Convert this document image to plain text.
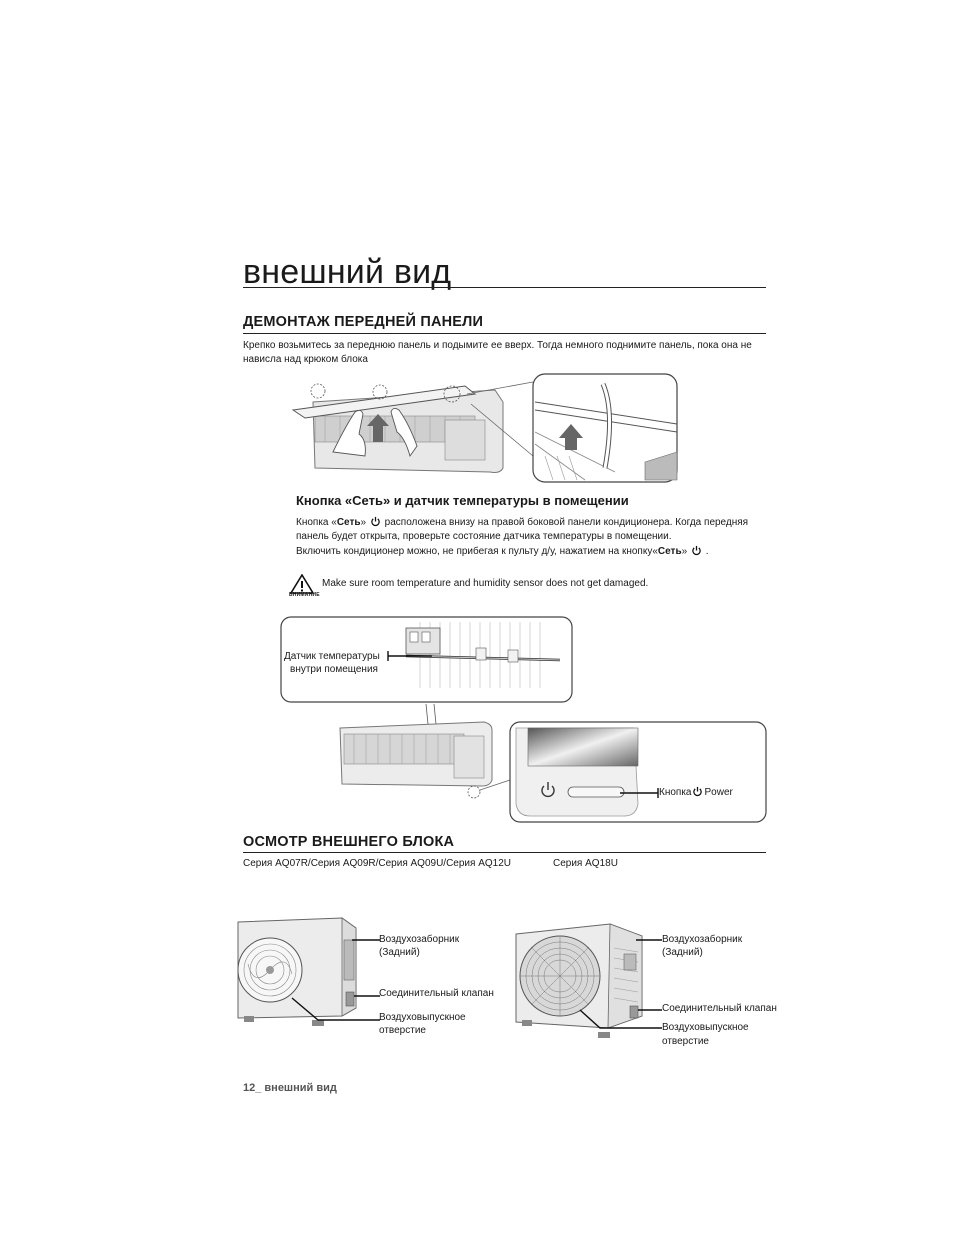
внешний вид
ДЕМОНТАЖ ПЕРЕДНЕЙ ПАНЕЛИ
Крепко возьмитесь за переднюю панель и подымите ее вверх. Тогда немного поднимите панель, пока она не
нависла над крюком блока
Кнопка «Сеть» и датчик температуры в помещении
Кнопка «Сеть»  расположена внизу на правой боковой панели кондиционера. Когда передняя
панель будет открыта, проверьте состояние датчика температуры в помещении.
Включить кондиционер можно, не прибегая к пульту д/у, нажатием на кнопку«Сеть»  .
ВНИМАНИЕ
Make sure room temperature and humidity sensor does not get damaged.
Датчик температуры
внутри помещения
Кнопка Power
ОСМОТР ВНЕШНЕГО БЛОКА
Серия AQ07R/Серия AQ09R/Серия AQ09U/Серия AQ12U	Серия AQ18U
Воздухозаборник
(Задний)
Соединительный клапан
Воздуховыпускное
отверстие
Воздухозаборник
(Задний)
Соединительный клапан
Воздуховыпускное
отверстие
12_ внешний вид
